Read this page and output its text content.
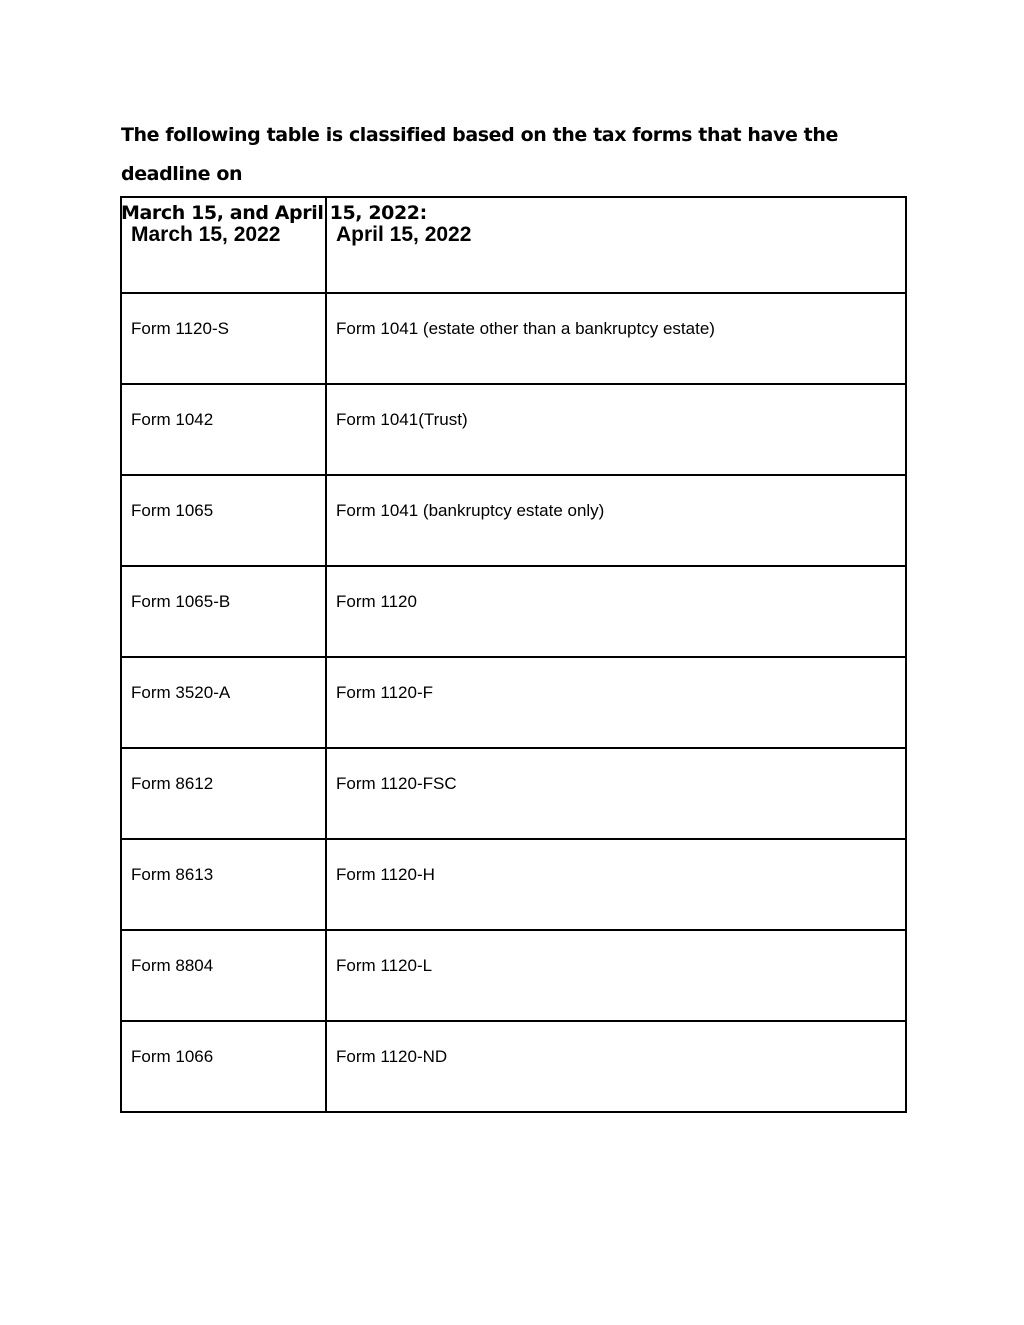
The following table is classified based on the tax forms that have the deadline on
March 15, and April 15, 2022:

March 15, 2022	April 15, 2022
Form 1120-S	Form 1041 (estate other than a bankruptcy estate)
Form 1042	Form 1041(Trust)
Form 1065	Form 1041 (bankruptcy estate only)
Form 1065-B	Form 1120
Form 3520-A	Form 1120-F
Form 8612	Form 1120-FSC
Form 8613	Form 1120-H
Form 8804	Form 1120-L
Form 1066	Form 1120-ND
